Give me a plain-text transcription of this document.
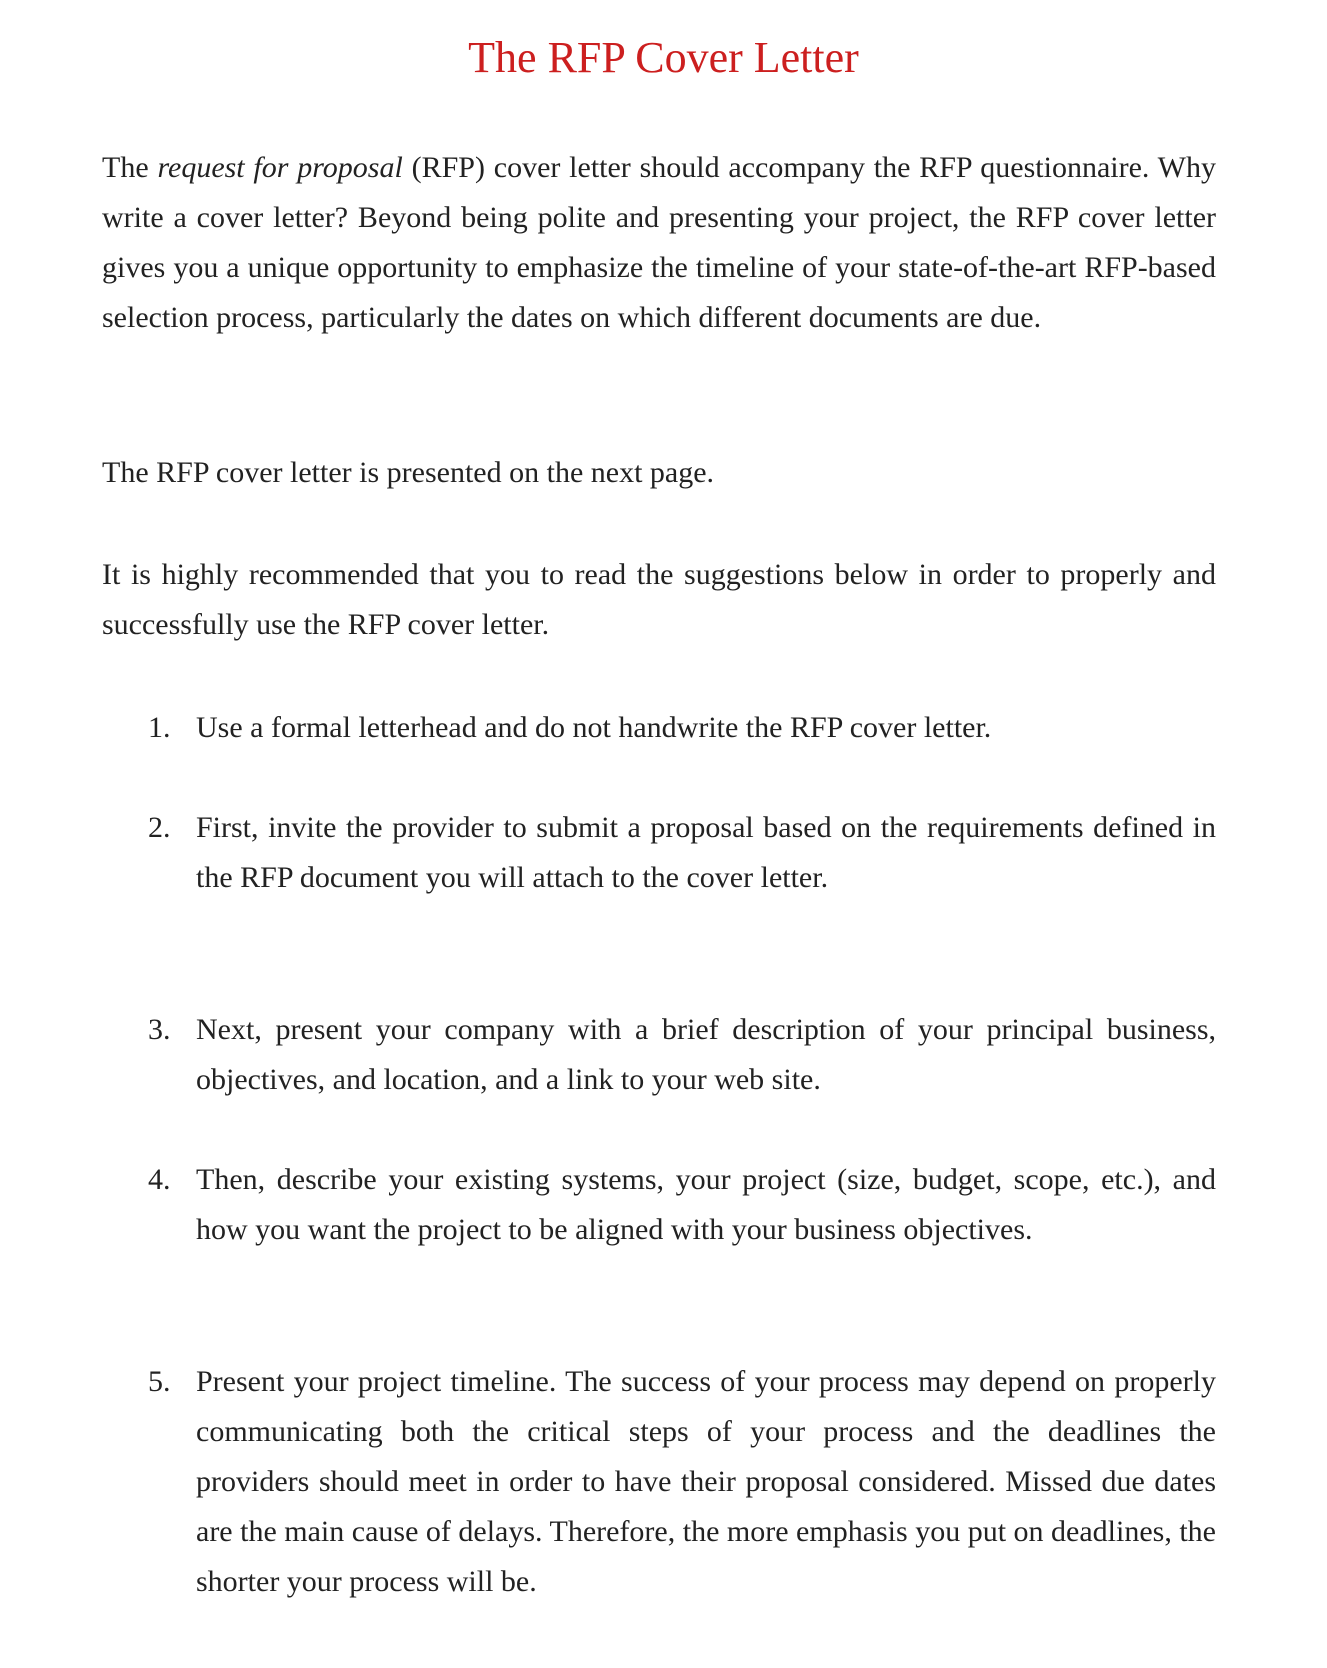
The RFP Cover Letter

The request for proposal (RFP) cover letter should accompany the RFP questionnaire. Why write a cover letter? Beyond being polite and presenting your project, the RFP cover letter gives you a unique opportunity to emphasize the timeline of your state-of-the-art RFP-based selection process, particularly the dates on which different documents are due.

The RFP cover letter is presented on the next page.

It is highly recommended that you to read the suggestions below in order to properly and successfully use the RFP cover letter.

1. Use a formal letterhead and do not handwrite the RFP cover letter.
2. First, invite the provider to submit a proposal based on the requirements defined in the RFP document you will attach to the cover letter.
3. Next, present your company with a brief description of your principal business, objectives, and location, and a link to your web site.
4. Then, describe your existing systems, your project (size, budget, scope, etc.), and how you want the project to be aligned with your business objectives.
5. Present your project timeline. The success of your process may depend on properly communicating both the critical steps of your process and the deadlines the providers should meet in order to have their proposal considered. Missed due dates are the main cause of delays. Therefore, the more emphasis you put on deadlines, the shorter your process will be.
